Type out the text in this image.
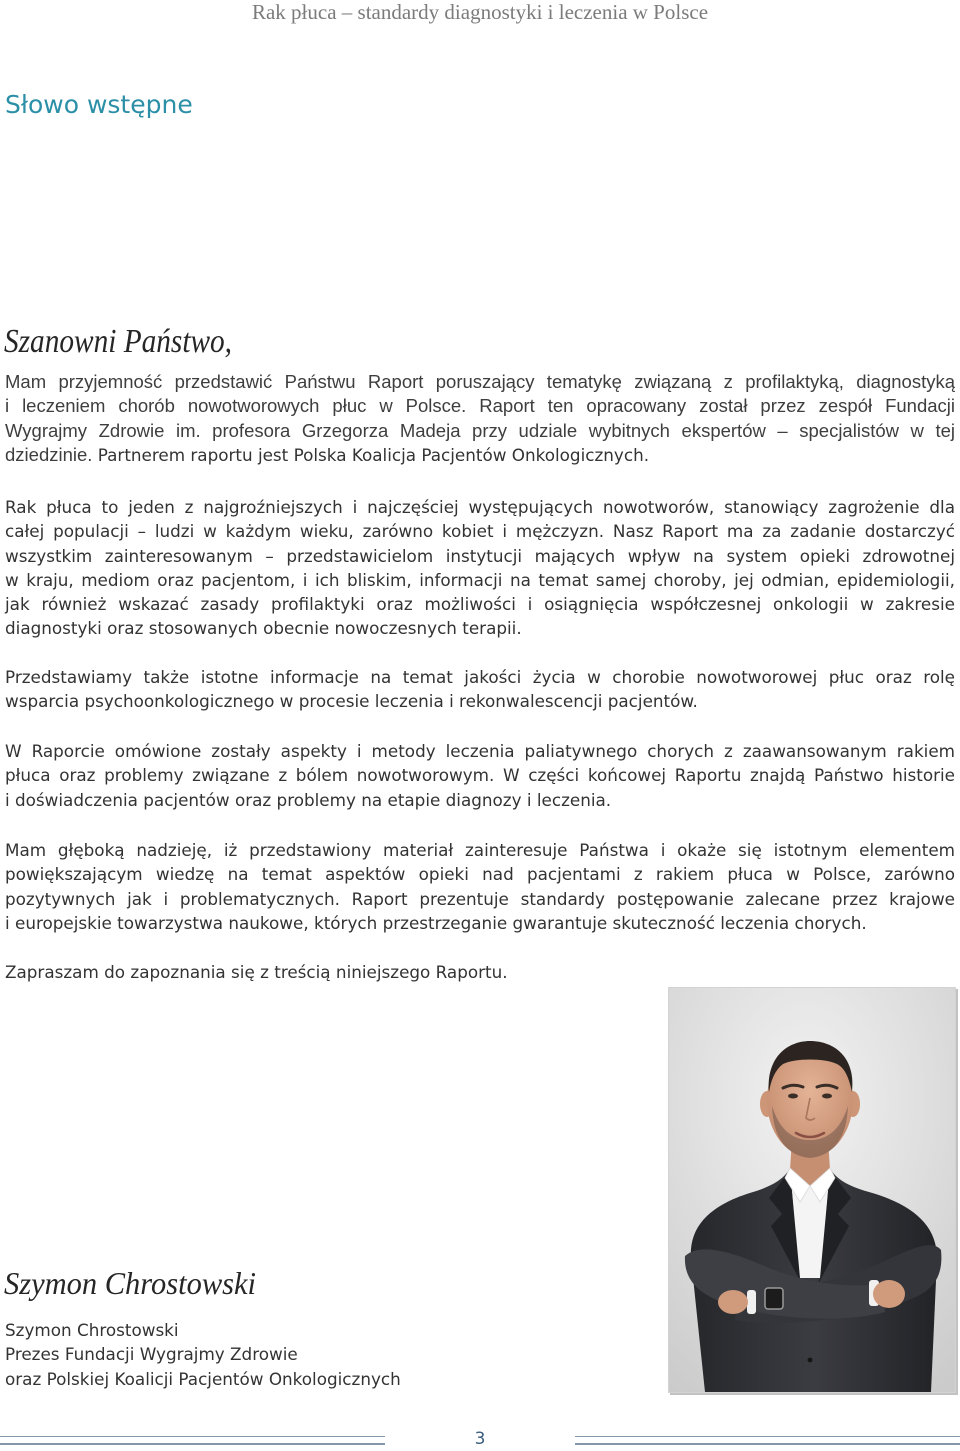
Rak płuca – standardy diagnostyki i leczenia w Polsce
Słowo wstępne
Szanowni Państwo,
Mam przyjemność przedstawić Państwu Raport poruszający tematykę związaną z profilaktyką, diagnostyką
i leczeniem chorób nowotworowych płuc w Polsce. Raport ten opracowany został przez zespół Fundacji
Wygrajmy Zdrowie im. profesora Grzegorza Madeja przy udziale wybitnych ekspertów – specjalistów w tej
dziedzinie. Partnerem raportu jest Polska Koalicja Pacjentów Onkologicznych.
Rak płuca to jeden z najgroźniejszych i najczęściej występujących nowotworów, stanowiący zagrożenie dla
całej populacji – ludzi w każdym wieku, zarówno kobiet i mężczyzn. Nasz Raport ma za zadanie dostarczyć
wszystkim zainteresowanym – przedstawicielom instytucji mających wpływ na system opieki zdrowotnej
w kraju, mediom oraz pacjentom, i ich bliskim, informacji na temat samej choroby, jej odmian, epidemiologii,
jak również wskazać zasady profilaktyki oraz możliwości i osiągnięcia współczesnej onkologii w zakresie
diagnostyki oraz stosowanych obecnie nowoczesnych terapii.
Przedstawiamy także istotne informacje na temat jakości życia w chorobie nowotworowej płuc oraz rolę
wsparcia psychoonkologicznego w procesie leczenia i rekonwalescencji pacjentów.
W Raporcie omówione zostały aspekty i metody leczenia paliatywnego chorych z zaawansowanym rakiem
płuca oraz problemy związane z bólem nowotworowym. W części końcowej Raportu znajdą Państwo historie
i doświadczenia pacjentów oraz problemy na etapie diagnozy i leczenia.
Mam głęboką nadzieję, iż przedstawiony materiał zainteresuje Państwa i okaże się istotnym elementem
powiększającym wiedzę na temat aspektów opieki nad pacjentami z rakiem płuca w Polsce, zarówno
pozytywnych jak i problematycznych. Raport prezentuje standardy postępowanie zalecane przez krajowe
i europejskie towarzystwa naukowe, których przestrzeganie gwarantuje skuteczność leczenia chorych.
Zapraszam do zapoznania się z treścią niniejszego Raportu.
Szymon Chrostowski
Szymon Chrostowski
Prezes Fundacji Wygrajmy Zdrowie
oraz Polskiej Koalicji Pacjentów Onkologicznych
3
